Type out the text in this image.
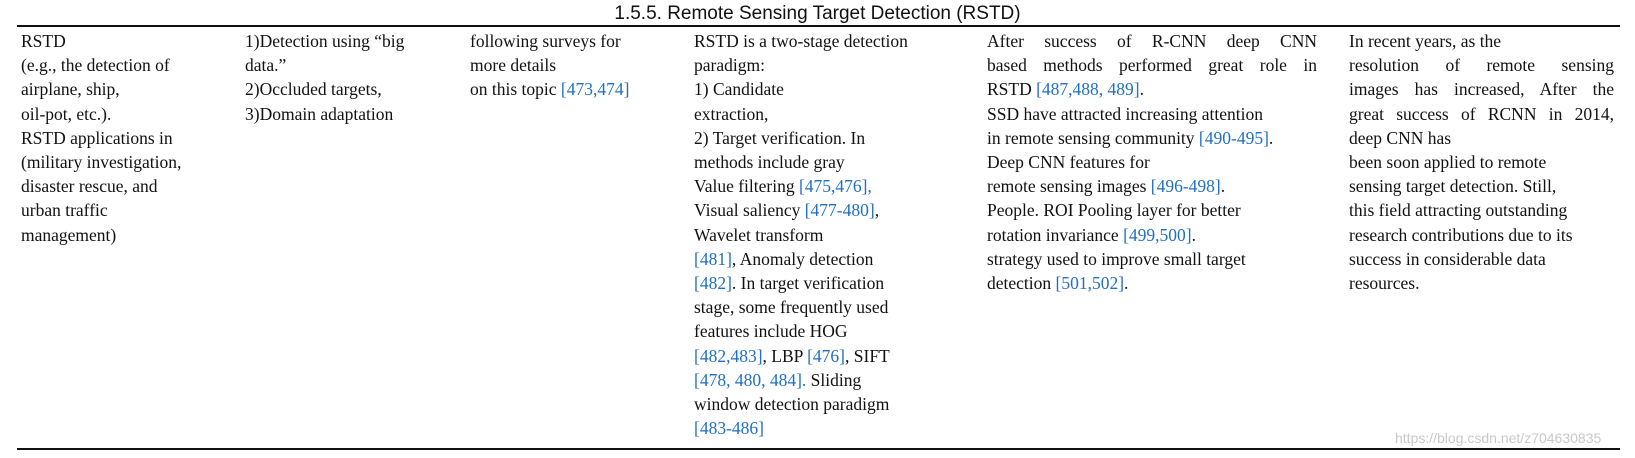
1.5.5. Remote Sensing Target Detection (RSTD)
RSTD
(e.g., the detection of
airplane, ship,
oil-pot, etc.).
RSTD applications in
(military investigation,
disaster rescue, and
urban traffic
management)
1)Detection using “big
data.”
2)Occluded targets,
3)Domain adaptation
following surveys for
more details
on this topic [473,474]
RSTD is a two-stage detection
paradigm:
1) Candidate
extraction,
2) Target verification. In
methods include gray
Value filtering [475,476],
Visual saliency [477-480],
Wavelet transform
[481], Anomaly detection
[482]. In target verification
stage, some frequently used
features include HOG
[482,483], LBP [476], SIFT
[478, 480, 484]. Sliding
window detection paradigm
[483-486]
After success of R-CNN deep CNN
based methods performed great role in
RSTD [487,488, 489].
SSD have attracted increasing attention
in remote sensing community [490-495].
Deep CNN features for
remote sensing images [496-498].
People. ROI Pooling layer for better
rotation invariance [499,500].
strategy used to improve small target
detection [501,502].
In recent years, as the
resolution of remote sensing
images has increased, After the
great success of RCNN in 2014,
deep CNN has
been soon applied to remote
sensing target detection. Still,
this field attracting outstanding
research contributions due to its
success in considerable data
resources.
https://blog.csdn.net/z704630835
